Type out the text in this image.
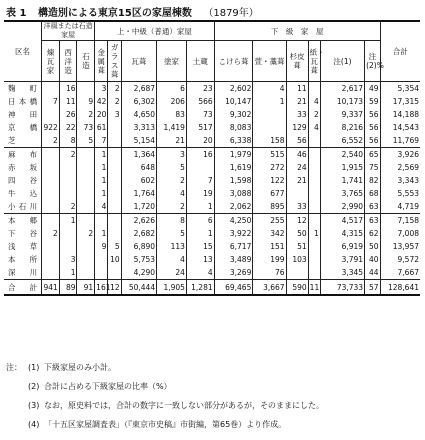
表 1 構造別による東京15区の家屋棟数 （1879年）
区名	洋風または石造家屋			上・中級（普通）家屋					下　級　家　屋						合計
	煉瓦家	西洋造	石造	金属葺	ガラス葺	瓦葺	塗家	土蔵	こけら葺	萱・藁葺	杉皮葺	紙・瓦葺	注(1)	注(2)%	
麴町		16		3	2	2,687	6	23	2,602	4	11		2,617	49	5,354
日本橋	7	11	9	42	2	6,302	206	566	10,147	1	21	4	10,173	59	17,315
神田		26	2	20	3	4,650	83	73	9,302		33	2	9,337	56	14,188
京橋	922	22	73	61		3,313	1,419	517	8,083		129	4	8,216	56	14,543
芝	2	8	5	7		5,154	21	20	6,338	158	56		6,552	56	11,769
麻布		2		1		1,364	3	16	1,979	515	46		2,540	65	3,926
赤坂				1		648	5		1,619	272	24		1,915	75	2,569
四谷				1		602	2	7	1,598	122	21		1,741	82	3,343
牛込				1		1,764	4	19	3,088	677			3,765	68	5,553
小石川		2		4		1,720	2	1	2,062	895	33		2,990	63	4,719
本郷		1				2,626	8	6	4,250	255	12		4,517	63	7,158
下谷	2		2	1		2,682	5	1	3,922	342	50	1	4,315	62	7,008
浅草				9	5	6,890	113	15	6,717	151	51		6,919	50	13,957
本所		3			10	5,753	4	13	3,489	199	103		3,791	40	9,572
深川		1				4,290	24	4	3,269	76			3,345	44	7,667
合計	941	89	91	161	12	50,444	1,905	1,281	69,465	3,667	590	11	73,733	57	128,641
注： (1) 下級家屋のみ小計。
(2) 合計に占める下級家屋の比率（%）
(3) なお，原史料では，合計の数字に一致しない部分があるが，そのままにした。
(4) 「十五区家屋調査表」（『東京市史稿』市街編，第65巻）より作成。
